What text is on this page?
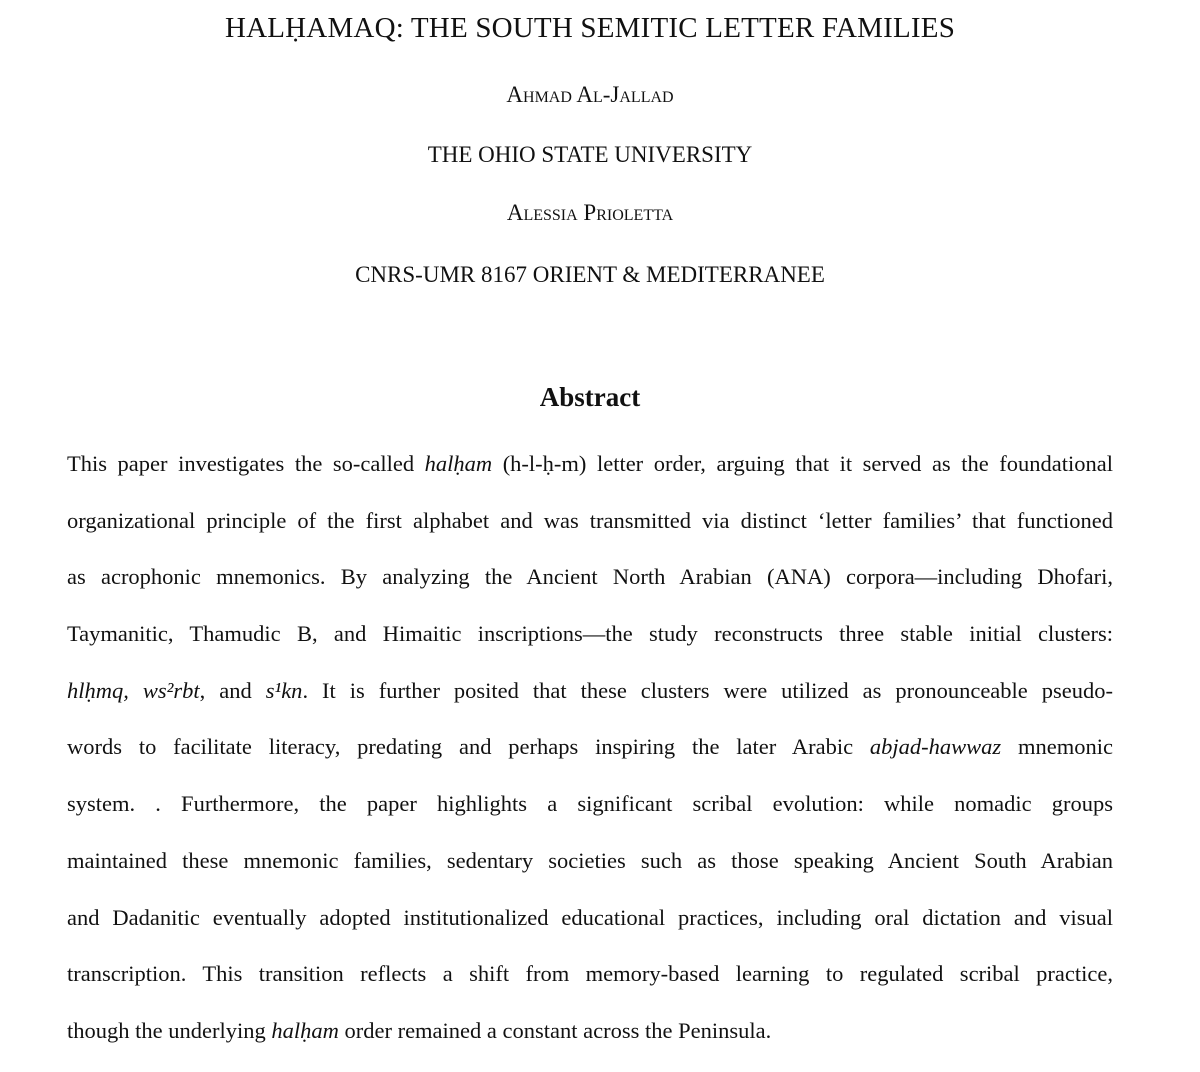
HALḤAMAQ: THE SOUTH SEMITIC LETTER FAMILIES
Ahmad Al-Jallad
THE OHIO STATE UNIVERSITY
Alessia Prioletta
CNRS-UMR 8167 ORIENT & MEDITERRANEE
Abstract
This paper investigates the so-called halḥam (h-l-ḥ-m) letter order, arguing that it served as the foundational
organizational principle of the first alphabet and was transmitted via distinct ‘letter families’ that functioned
as acrophonic mnemonics. By analyzing the Ancient North Arabian (ANA) corpora—including Dhofari,
Taymanitic, Thamudic B, and Himaitic inscriptions—the study reconstructs three stable initial clusters:
hlḥmq, ws²rbt, and s¹kn. It is further posited that these clusters were utilized as pronounceable pseudo-
words to facilitate literacy, predating and perhaps inspiring the later Arabic abjad-hawwaz mnemonic
system. . Furthermore, the paper highlights a significant scribal evolution: while nomadic groups
maintained these mnemonic families, sedentary societies such as those speaking Ancient South Arabian
and Dadanitic eventually adopted institutionalized educational practices, including oral dictation and visual
transcription. This transition reflects a shift from memory-based learning to regulated scribal practice,
though the underlying halḥam order remained a constant across the Peninsula.
